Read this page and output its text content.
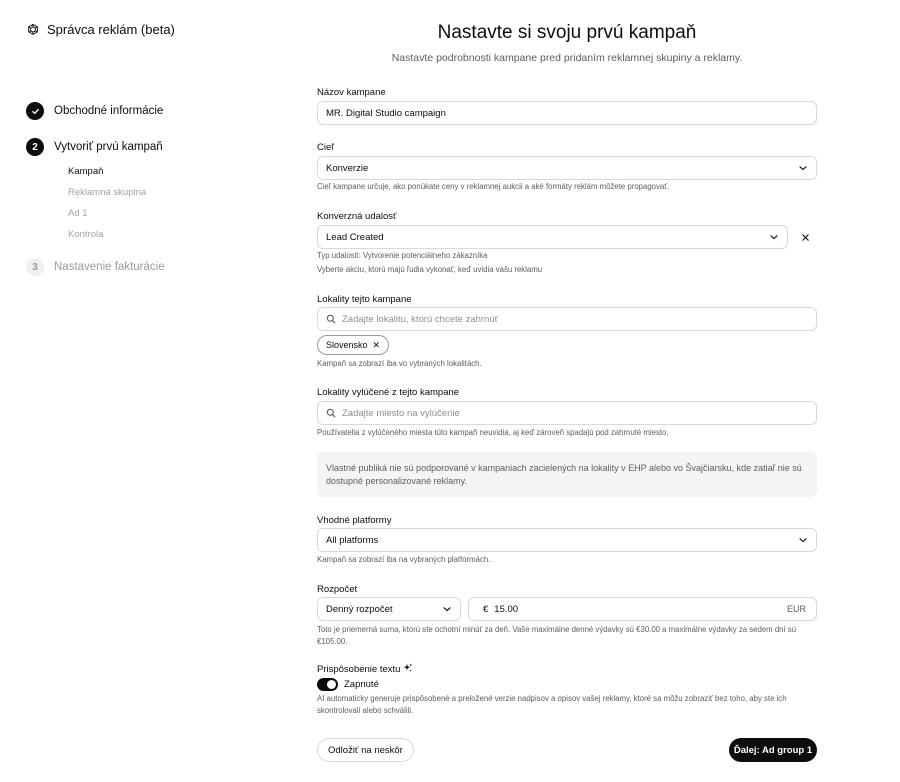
Správca reklám (beta)
Obchodné informácie
2	Vytvoriť prvú kampaň
Kampaň
Reklamná skupina
Ad 1
Kontrola
3	Nastavenie fakturácie
Nastavte si svoju prvú kampaň
Nastavte podrobnosti kampane pred pridaním reklamnej skupiny a reklamy.
Názov kampane
MR. Digital Studio campaign
Cieľ
Konverzie
Cieľ kampane určuje, ako ponúkate ceny v reklamnej aukcii a aké formáty reklám môžete propagovať.
Konverzná udalosť
Lead Created
Typ udalosti: Vytvorenie potenciálneho zákazníka
Vyberte akciu, ktorú majú ľudia vykonať, keď uvidia vašu reklamu
Lokality tejto kampane
Zadajte lokalitu, ktorú chcete zahrnúť
Slovensko ✕
Kampaň sa zobrazí iba vo vybraných lokalitách.
Lokality vylúčené z tejto kampane
Zadajte miesto na vylúčenie
Používatelia z vylúčeného miesta túto kampaň neuvidia, aj keď zároveň spadajú pod zahrnuté miesto.
Vlastné publiká nie sú podporované v kampaniach zacielených na lokality v EHP alebo vo Švajčiarsku, kde zatiaľ nie sú dostupné personalizované reklamy.
Vhodné platformy
All platforms
Kampaň sa zobrazí iba na vybraných platformách.
Rozpočet
Denný rozpočet	€ 15.00	EUR
Toto je priemerná suma, ktorú ste ochotní minúť za deň. Vaše maximálne denné výdavky sú €30.00 a maximálne výdavky za sedem dní sú €105.00.
Prispôsobenie textu
Zapnuté
AI automaticky generuje prispôsobené a preložené verzie nadpisov a opisov vašej reklamy, ktoré sa môžu zobraziť bez toho, aby ste ich skontrolovali alebo schválili.
Odložiť na neskôr	Ďalej: Ad group 1
